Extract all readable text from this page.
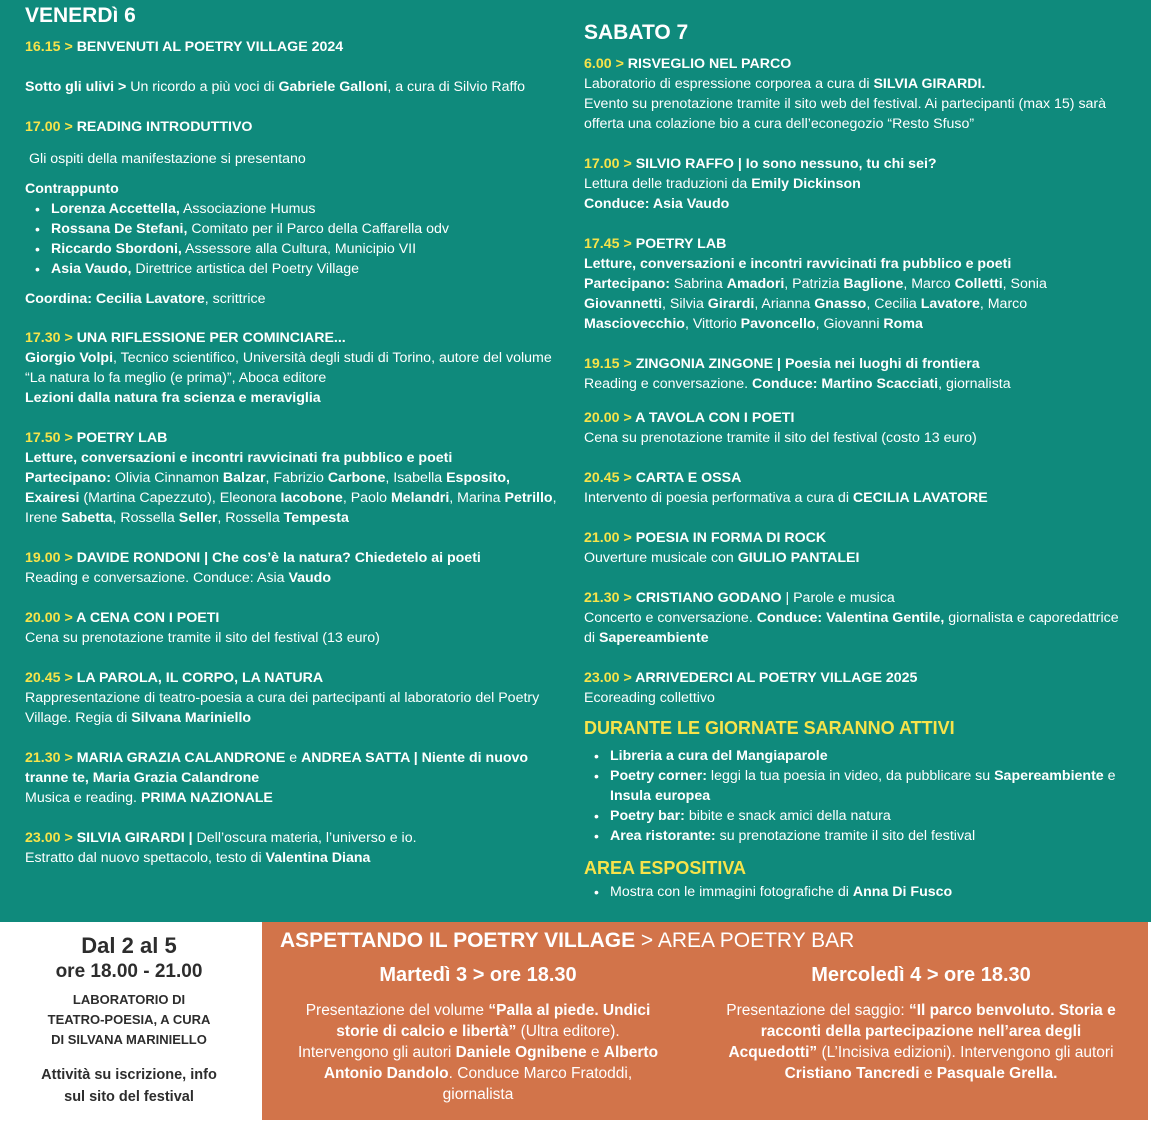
VENERDì 6
16.15 > BENVENUTI AL POETRY VILLAGE 2024
Sotto gli ulivi > Un ricordo a più voci di Gabriele Galloni, a cura di Silvio Raffo
17.00 > READING INTRODUTTIVO
Gli ospiti della manifestazione si presentano
Contrappunto
• Lorenza Accettella, Associazione Humus
• Rossana De Stefani, Comitato per il Parco della Caffarella odv
• Riccardo Sbordoni, Assessore alla Cultura, Municipio VII
• Asia Vaudo, Direttrice artistica del Poetry Village
Coordina: Cecilia Lavatore, scrittrice
17.30 > UNA RIFLESSIONE PER COMINCIARE...
Giorgio Volpi, Tecnico scientifico, Università degli studi di Torino, autore del volume “La natura lo fa meglio (e prima)”, Aboca editore
Lezioni dalla natura fra scienza e meraviglia
17.50 > POETRY LAB
Letture, conversazioni e incontri ravvicinati fra pubblico e poeti
Partecipano: Olivia Cinnamon Balzar, Fabrizio Carbone, Isabella Esposito, Exairesi (Martina Capezzuto), Eleonora Iacobone, Paolo Melandri, Marina Petrillo, Irene Sabetta, Rossella Seller, Rossella Tempesta
19.00 > DAVIDE RONDONI | Che cos’è la natura? Chiedetelo ai poeti
Reading e conversazione. Conduce: Asia Vaudo
20.00 > A CENA CON I POETI
Cena su prenotazione tramite il sito del festival (13 euro)
20.45 > LA PAROLA, IL CORPO, LA NATURA
Rappresentazione di teatro-poesia a cura dei partecipanti al laboratorio del Poetry Village. Regia di Silvana Mariniello
21.30 > MARIA GRAZIA CALANDRONE e ANDREA SATTA | Niente di nuovo tranne te, Maria Grazia Calandrone
Musica e reading. PRIMA NAZIONALE
23.00 > SILVIA GIRARDI | Dell’oscura materia, l’universo e io.
Estratto dal nuovo spettacolo, testo di Valentina Diana
SABATO 7
6.00 > RISVEGLIO NEL PARCO
Laboratorio di espressione corporea a cura di SILVIA GIRARDI.
Evento su prenotazione tramite il sito web del festival. Ai partecipanti (max 15) sarà offerta una colazione bio a cura dell’econegozio “Resto Sfuso”
17.00 > SILVIO RAFFO | Io sono nessuno, tu chi sei?
Lettura delle traduzioni da Emily Dickinson
Conduce: Asia Vaudo
17.45 > POETRY LAB
Letture, conversazioni e incontri ravvicinati fra pubblico e poeti
Partecipano: Sabrina Amadori, Patrizia Baglione, Marco Colletti, Sonia Giovannetti, Silvia Girardi, Arianna Gnasso, Cecilia Lavatore, Marco Masciovecchio, Vittorio Pavoncello, Giovanni Roma
19.15 > ZINGONIA ZINGONE | Poesia nei luoghi di frontiera
Reading e conversazione. Conduce: Martino Scacciati, giornalista
20.00 > A TAVOLA CON I POETI
Cena su prenotazione tramite il sito del festival (costo 13 euro)
20.45 > CARTA E OSSA
Intervento di poesia performativa a cura di CECILIA LAVATORE
21.00 > POESIA IN FORMA DI ROCK
Ouverture musicale con GIULIO PANTALEI
21.30 > CRISTIANO GODANO | Parole e musica
Concerto e conversazione. Conduce: Valentina Gentile, giornalista e caporedattrice di Sapereambiente
23.00 > ARRIVEDERCI AL POETRY VILLAGE 2025
Ecoreading collettivo
DURANTE LE GIORNATE SARANNO ATTIVI
• Libreria a cura del Mangiaparole
• Poetry corner: leggi la tua poesia in video, da pubblicare su Sapereambiente e Insula europea
• Poetry bar: bibite e snack amici della natura
• Area ristorante: su prenotazione tramite il sito del festival
AREA ESPOSITIVA
• Mostra con le immagini fotografiche di Anna Di Fusco
Dal 2 al 5
ore 18.00 - 21.00
LABORATORIO DI
TEATRO-POESIA, A CURA
DI SILVANA MARINIELLO
Attività su iscrizione, info
sul sito del festival
ASPETTANDO IL POETRY VILLAGE > AREA POETRY BAR
Martedì 3 > ore 18.30
Presentazione del volume “Palla al piede. Undici storie di calcio e libertà” (Ultra editore). Intervengono gli autori Daniele Ognibene e Alberto Antonio Dandolo. Conduce Marco Fratoddi, giornalista
Mercoledì 4 > ore 18.30
Presentazione del saggio: “Il parco benvoluto. Storia e racconti della partecipazione nell’area degli Acquedotti” (L’Incisiva edizioni). Intervengono gli autori Cristiano Tancredi e Pasquale Grella.
